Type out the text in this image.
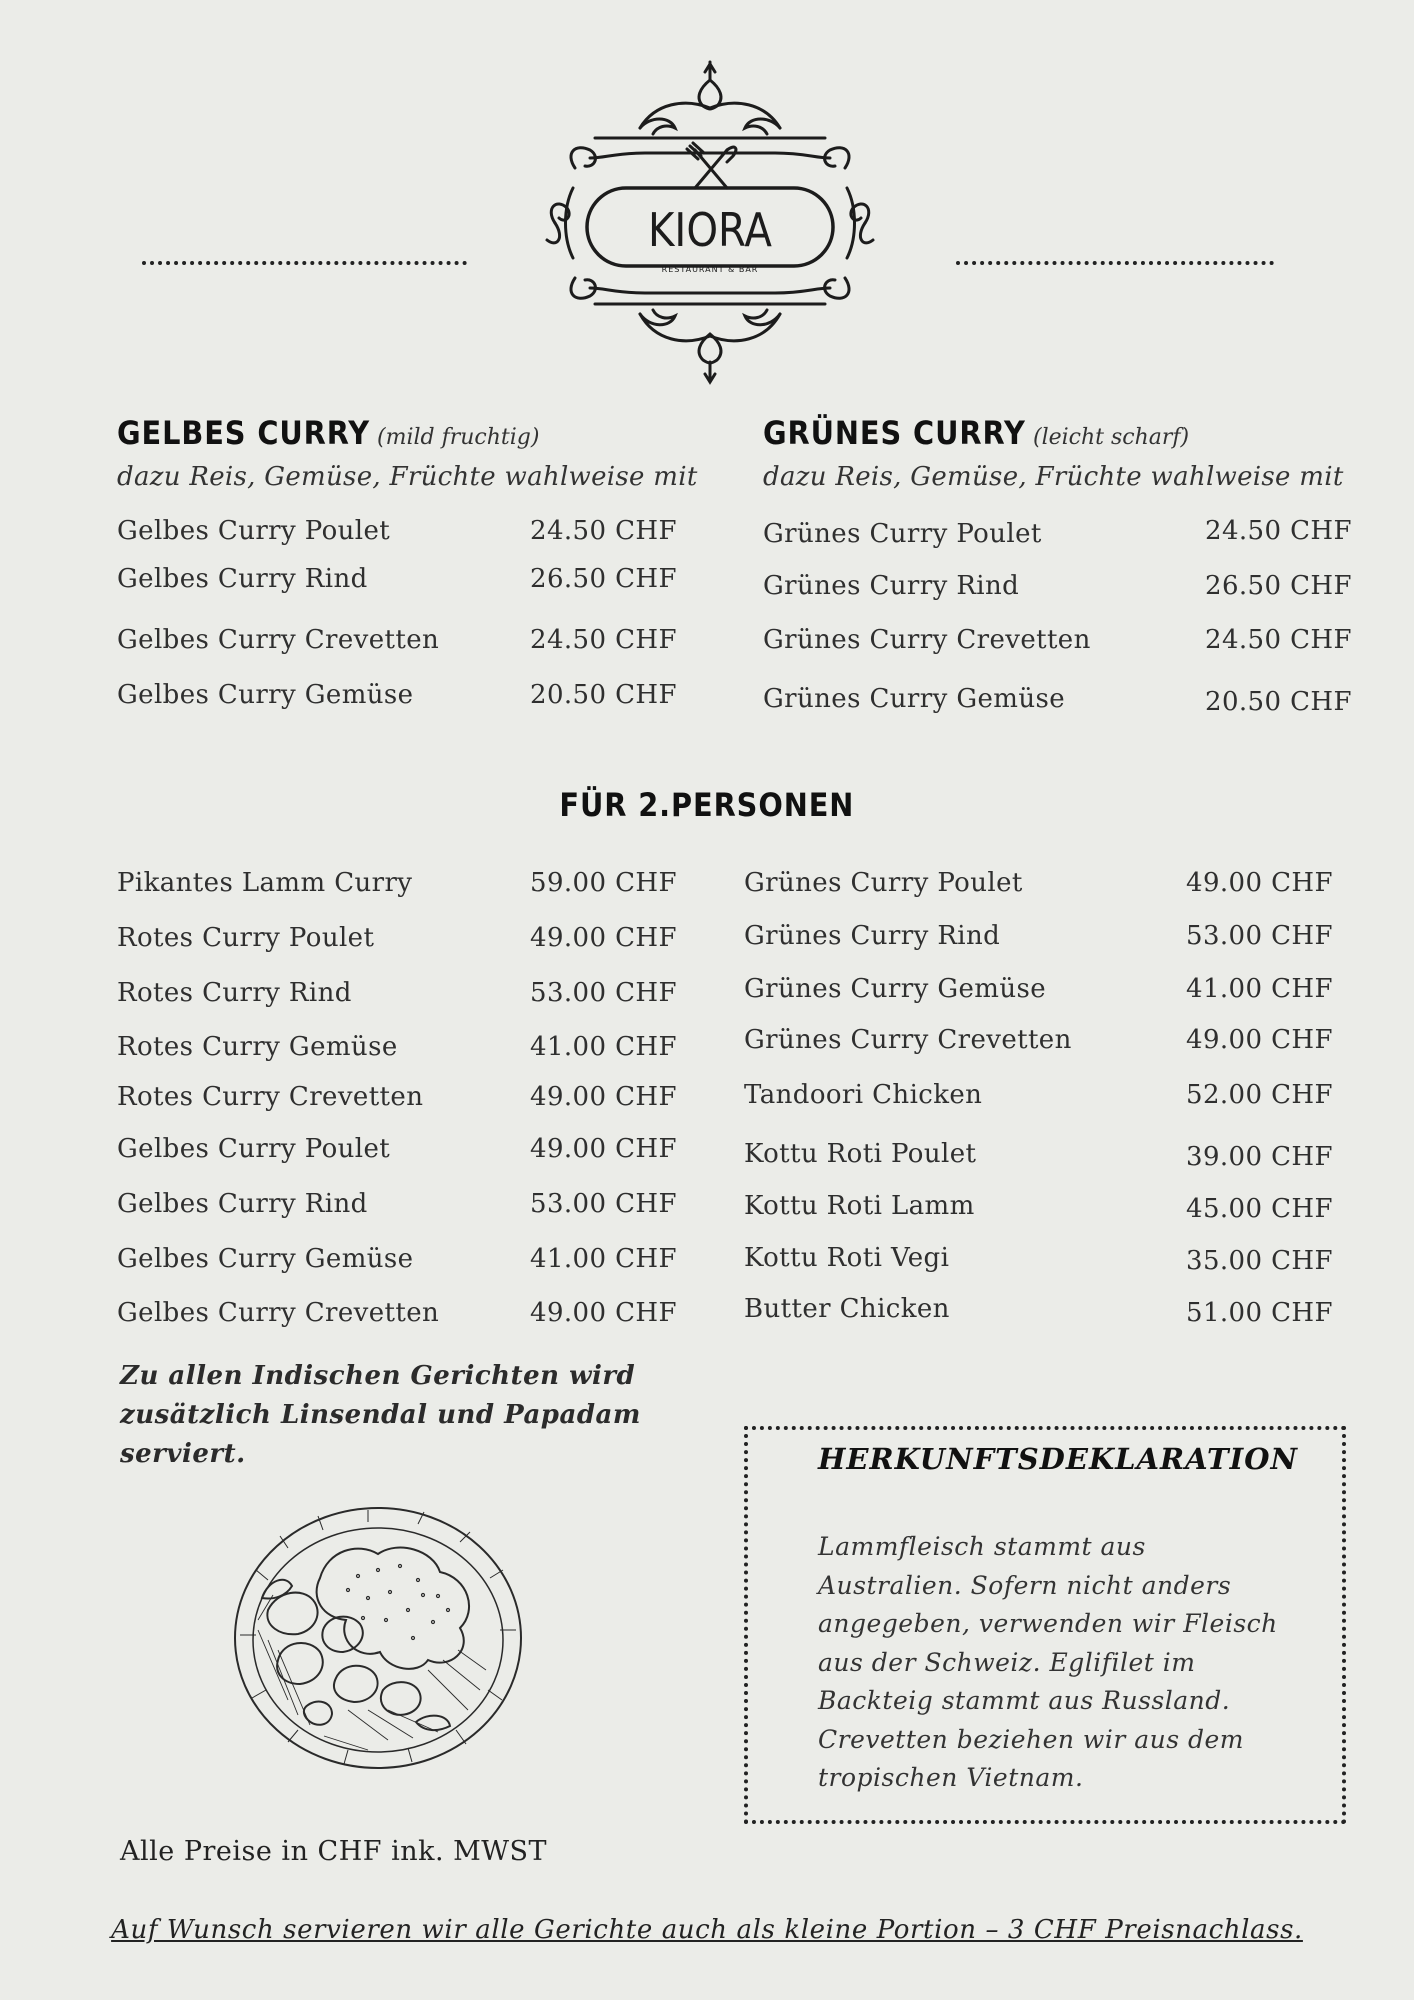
KIORA
RESTAURANT & BAR
GELBES CURRY (mild fruchtig)
dazu Reis, Gemüse, Früchte wahlweise mit
Gelbes Curry Poulet	24.50 CHF
Gelbes Curry Rind	26.50 CHF
Gelbes Curry Crevetten	24.50 CHF
Gelbes Curry Gemüse	20.50 CHF
GRÜNES CURRY (leicht scharf)
dazu Reis, Gemüse, Früchte wahlweise mit
Grünes Curry Poulet	24.50 CHF
Grünes Curry Rind	26.50 CHF
Grünes Curry Crevetten	24.50 CHF
Grünes Curry Gemüse	20.50 CHF
FÜR 2.PERSONEN
Pikantes Lamm Curry	59.00 CHF
Rotes Curry Poulet	49.00 CHF
Rotes Curry Rind	53.00 CHF
Rotes Curry Gemüse	41.00 CHF
Rotes Curry Crevetten	49.00 CHF
Gelbes Curry Poulet	49.00 CHF
Gelbes Curry Rind	53.00 CHF
Gelbes Curry Gemüse	41.00 CHF
Gelbes Curry Crevetten	49.00 CHF
Grünes Curry Poulet	49.00 CHF
Grünes Curry Rind	53.00 CHF
Grünes Curry Gemüse	41.00 CHF
Grünes Curry Crevetten	49.00 CHF
Tandoori Chicken	52.00 CHF
Kottu Roti Poulet	39.00 CHF
Kottu Roti Lamm	45.00 CHF
Kottu Roti Vegi	35.00 CHF
Butter Chicken	51.00 CHF
Zu allen Indischen Gerichten wird
zusätzlich Linsendal und Papadam
serviert.	HERKUNFTSDEKLARATION
Lammfleisch stammt aus
Australien. Sofern nicht anders
angegeben, verwenden wir Fleisch
aus der Schweiz. Eglifilet im
Backteig stammt aus Russland.
Crevetten beziehen wir aus dem
tropischen Vietnam.
Alle Preise in CHF ink. MWST
Auf Wunsch servieren wir alle Gerichte auch als kleine Portion – 3 CHF Preisnachlass.
